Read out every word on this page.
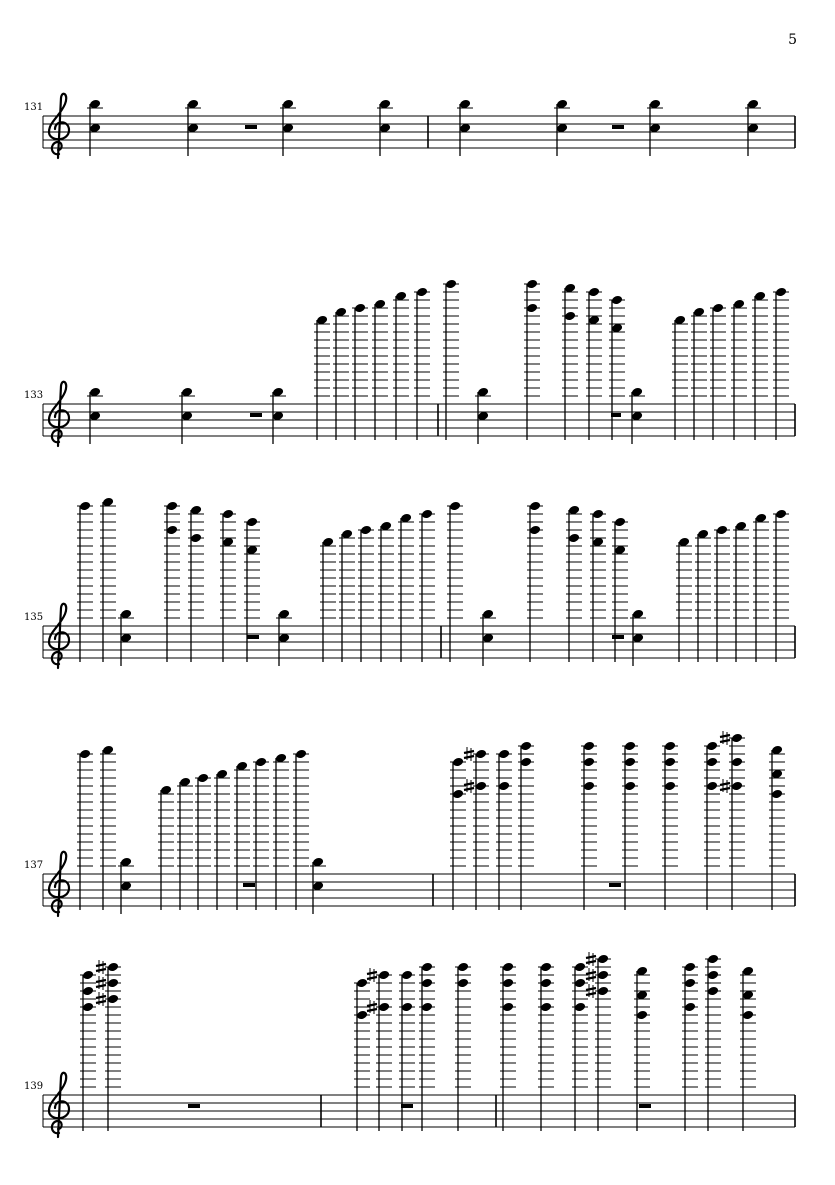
5
131
133
135
137
139
